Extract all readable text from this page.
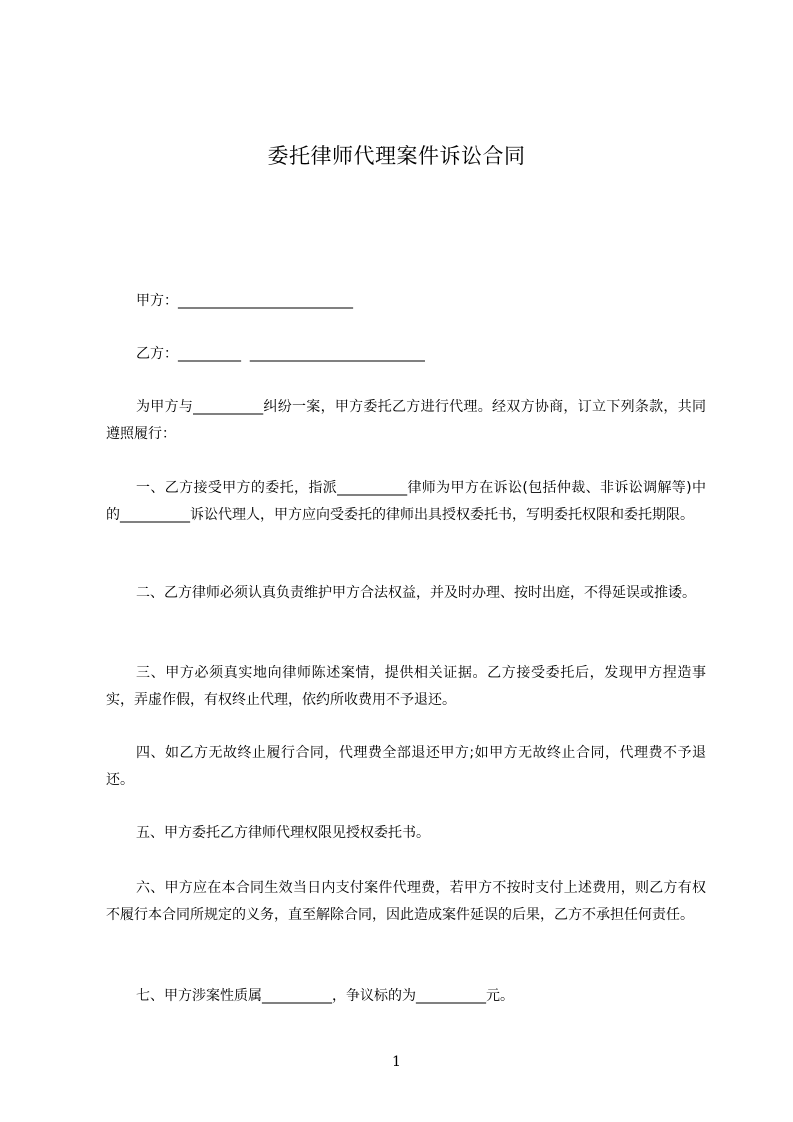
委托律师代理案件诉讼合同
甲方：_________________________
乙方：_________  _________________________
为甲方与__________纠纷一案，甲方委托乙方进行代理。经双方协商，订立下列条款，共同遵照履行：
一、乙方接受甲方的委托，指派__________律师为甲方在诉讼(包括仲裁、非诉讼调解等)中的__________诉讼代理人，甲方应向受委托的律师出具授权委托书，写明委托权限和委托期限。
二、乙方律师必须认真负责维护甲方合法权益，并及时办理、按时出庭，不得延误或推诿。
三、甲方必须真实地向律师陈述案情，提供相关证据。乙方接受委托后，发现甲方捏造事实，弄虚作假，有权终止代理，依约所收费用不予退还。
四、如乙方无故终止履行合同，代理费全部退还甲方;如甲方无故终止合同，代理费不予退还。
五、甲方委托乙方律师代理权限见授权委托书。
六、甲方应在本合同生效当日内支付案件代理费，若甲方不按时支付上述费用，则乙方有权不履行本合同所规定的义务，直至解除合同，因此造成案件延误的后果，乙方不承担任何责任。
七、甲方涉案性质属__________，争议标的为__________元。
1
